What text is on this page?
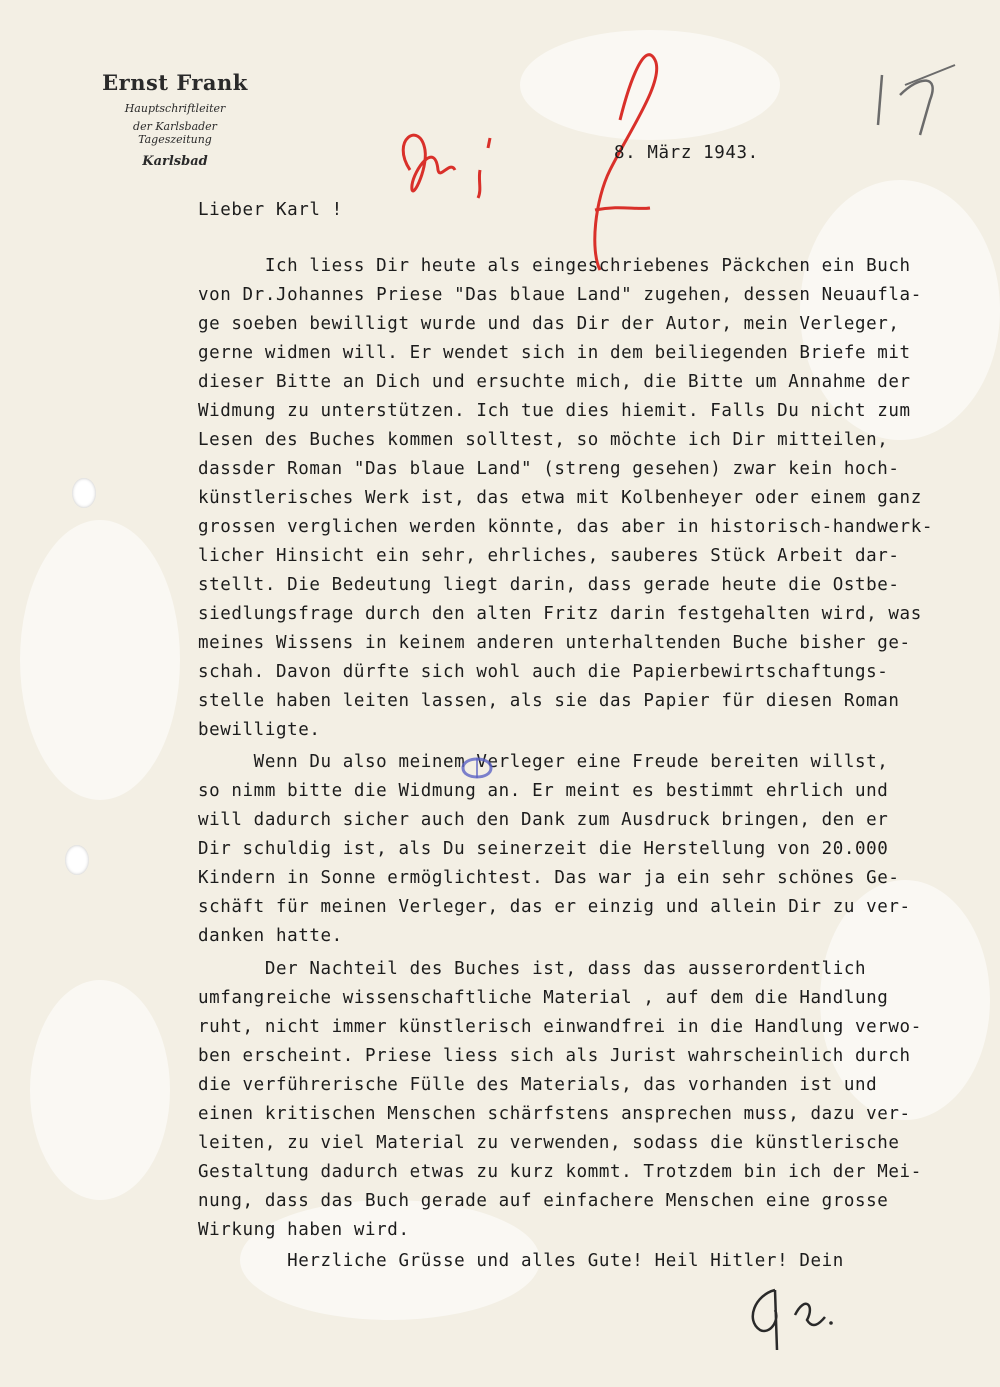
Ernst Frank
Hauptschriftleiter
der Karlsbader Tageszeitung
Karlsbad	8. März 1943.
Lieber Karl !
Ich liess Dir heute als eingeschriebenes Päckchen ein Buch
von Dr.Johannes Priese "Das blaue Land" zugehen, dessen Neuaufla-
ge soeben bewilligt wurde und das Dir der Autor, mein Verleger,
gerne widmen will. Er wendet sich in dem beiliegenden Briefe mit
dieser Bitte an Dich und ersuchte mich, die Bitte um Annahme der
Widmung zu unterstützen. Ich tue dies hiemit. Falls Du nicht zum
Lesen des Buches kommen solltest, so möchte ich Dir mitteilen,
dassder Roman "Das blaue Land" (streng gesehen) zwar kein hoch-
künstlerisches Werk ist, das etwa mit Kolbenheyer oder einem ganz
grossen verglichen werden könnte, das aber in historisch-handwerk-
licher Hinsicht ein sehr, ehrliches, sauberes Stück Arbeit dar-
stellt. Die Bedeutung liegt darin, dass gerade heute die Ostbe-
siedlungsfrage durch den alten Fritz darin festgehalten wird, was
meines Wissens in keinem anderen unterhaltenden Buche bisher ge-
schah. Davon dürfte sich wohl auch die Papierbewirtschaftungs-
stelle haben leiten lassen, als sie das Papier für diesen Roman
bewilligte.
Wenn Du also meinem Verleger eine Freude bereiten willst,
so nimm bitte die Widmung an. Er meint es bestimmt ehrlich und
will dadurch sicher auch den Dank zum Ausdruck bringen, den er
Dir schuldig ist, als Du seinerzeit die Herstellung von 20.000
Kindern in Sonne ermöglichtest. Das war ja ein sehr schönes Ge-
schäft für meinen Verleger, das er einzig und allein Dir zu ver-
danken hatte.
Der Nachteil des Buches ist, dass das ausserordentlich
umfangreiche wissenschaftliche Material , auf dem die Handlung
ruht, nicht immer künstlerisch einwandfrei in die Handlung verwo-
ben erscheint. Priese liess sich als Jurist wahrscheinlich durch
die verführerische Fülle des Materials, das vorhanden ist und
einen kritischen Menschen schärfstens ansprechen muss, dazu ver-
leiten, zu viel Material zu verwenden, sodass die künstlerische
Gestaltung dadurch etwas zu kurz kommt. Trotzdem bin ich der Mei-
nung, dass das Buch gerade auf einfachere Menschen eine grosse
Wirkung haben wird.
Herzliche Grüsse und alles Gute! Heil Hitler! Dein
